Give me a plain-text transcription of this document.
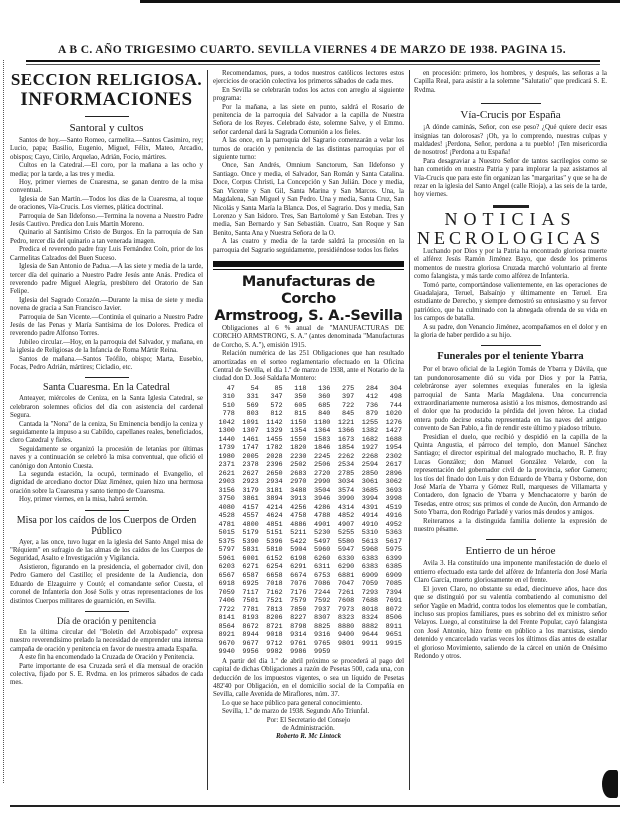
A B C. AÑO TRIGESIMO CUARTO. SEVILLA VIERNES 4 DE MARZO DE 1938. PAGINA 15.
SECCION RELIGIOSA.
INFORMACIONES
Santoral y cultos

Santos de hoy.—Santo Romeo, carmelita.—Santos Casimiro, rey; Lucio, papa; Basilio, Eugenio, Miguel, Félix, Mateo, Arcadio, obispos; Cayo, Cirilo, Arquelao, Adrián, Focio, mártires.

Cultos en la Catedral.—El coro, por la mañana a las ocho y media; por la tarde, a las tres y media.

Hoy, primer viernes de Cuaresma, se ganan dentro de la misa conventual.

Iglesia de San Martín.—Todos los días de la Cuaresma, al toque de oraciones, Vía-Crucis. Los viernes, plática doctrinal.

Parroquia de San Ildefonso.—Termina la novena a Nuestro Padre Jesús Cautivo. Predica don Luis Martín Moreno.

Quinario al Santísimo Cristo de Burgos. En la parroquia de San Pedro, tercer día del quinario a tan venerada imagen.

Predica el reverendo padre fray Luis Fernández Coín, prior de los Carmelitas Calzados del Buen Suceso.

Iglesia de San Antonio de Padua.—A las siete y media de la tarde, tercer día del quinario a Nuestro Padre Jesús ante Anás. Predica el reverendo padre Miguel Alegría, presbítero del Oratorio de San Felipe.

Iglesia del Sagrado Corazón.—Durante la misa de siete y media novena de gracia a San Francisco Javier.

Parroquia de San Vicente.—Continúa el quinario a Nuestro Padre Jesús de las Penas y María Santísima de los Dolores. Predica el reverendo padre Alfonso Torres.

Jubileo circular.—Hoy, en la parroquia del Salvador, y mañana, en la iglesia de Religiosas de la Infancia de Roma Mártir Reina.

Santos de mañana.—Santos Teófilo, obispo; Marta, Eusebio, Focas, Pedro Adrián, mártires; Cicladio, etc.

Santa Cuaresma. En la Catedral

Anteayer, miércoles de Ceniza, en la Santa Iglesia Catedral, se celebraron solemnes oficios del día con asistencia del cardenal Segura.

Cantada la "Nona" de la ceniza, Su Eminencia bendijo la ceniza y seguidamente la impuso a su Cabildo, capellanes reales, beneficiados, clero Catedral y fieles.

Seguidamente se organizó la procesión de letanías por últimas naves y a continuación se celebró la misa conventual, que ofició el canónigo don Antonio Cuesta.

La segunda estación, la ocupó, terminado el Evangelio, el dignidad de arcediano doctor Díaz Jiménez, quien hizo una hermosa oración sobre la Cuaresma y santo tiempo de Cuaresma.

Hoy, primer viernes, en la misa, habrá sermón.

Misa por los caídos de los Cuerpos de Orden Público

Ayer, a las once, tuvo lugar en la iglesia del Santo Angel misa de "Réquiem" en sufragio de las almas de los caídos de los Cuerpos de Seguridad, Asalto e Investigación y Vigilancia.

Asistieron, figurando en la presidencia, el gobernador civil, don Pedro Gamero del Castillo; el presidente de la Audiencia, don Eduardo de Elzaguirre y Coutó; el comandante señor Cuesta, el coronel de Infantería don José Solís y otras representaciones de los distintos Cuerpos militares de guarnición, en Sevilla.

Día de oración y penitencia

En la última circular del "Boletín del Arzobispado" expresa nuestro reverendísimo prelado la necesidad de emprender una intensa campaña de oración y penitencia en favor de nuestra amada España.

A este fin ha encomendado la Cruzada de Oración y Penitencia.

Parte importante de esa Cruzada será el día mensual de oración colectiva, fijado por S. E. Rvdma. en los primeros sábados de cada mes.

Recomendamos, pues, a todos nuestros católicos lectores estos ejercicios de oración colectiva los primeros sábados de cada mes.

En Sevilla se celebrarán todos los actos con arreglo al siguiente programa:

Por la mañana, a las siete en punto, saldrá el Rosario de penitencia de la parroquia del Salvador a la capilla de Nuestra Señora de los Reyes. Celebrado éste, solemne Salve, y el Emmo. señor cardenal dará la Sagrada Comunión a los fieles.

A las once, en la parroquia del Sagrario comenzarán a velar los turnos de oración y penitencia de las distintas parroquias por el siguiente turno:

Once, San Andrés, Omnium Sanctorum, San Ildefonso y Santiago. Once y media, el Salvador, San Román y Santa Catalina. Doce, Corpus Christi, La Concepción y San Julián. Doce y media, San Vicente y San Gil, Santa Marina y San Marcos. Una, la Magdalena, San Miguel y San Pedro. Una y media, Santa Cruz, San Nicolás y Santa María la Blanca. Dos, el Sagrario. Dos y media, San Lorenzo y San Isidoro. Tres, San Bartolomé y San Esteban. Tres y media, San Bernardo y San Sebastián. Cuatro, San Roque y San Benito, Santa Ana y Nuestra Señora de la O.

A las cuatro y media de la tarde saldrá la procesión en la parroquia del Sagrario seguidamente, presidiéndose todos los fieles

Manufacturas de Corcho
Armstroog, S. A.-Sevilla

Obligaciones al 6 % anual de "MANUFACTURAS DE CORCHO ARMSTRONG, S. A." (antes denominada "Manufacturas de Corcho, S. A."), emisión 1915.

Relación numérica de las 251 Obligaciones que han resultado amortizadas en el sorteo reglamentario efectuado en la Oficina Central de Sevilla, el día 1.º de marzo de 1938, ante el Notario de la ciudad don D. José Saldaña Montero:

47	54	85	118	136	275	284	304
310	331	347	350	360	397	412	498
510	569	572	605	685	722	736	744
778	803	812	815	840	845	879	1020
1042	1091	1142	1150	1180	1221	1255	1276
1300	1307	1329	1354	1364	1366	1382	1427
1440	1461	1455	1550	1583	1673	1682	1688
1739	1747	1782	1820	1846	1854	1927	1954
1980	2005	2028	2230	2245	2262	2268	2302
2371	2378	2396	2502	2506	2534	2594	2617
2621	2627	2650	2683	2720	2785	2850	2896
2903	2923	2934	2970	2990	3034	3061	3062
3156	3179	3181	3488	3504	3574	3685	3693
3750	3861	3894	3913	3946	3990	3994	3998
4080	4157	4214	4256	4286	4314	4391	4519
4528	4557	4624	4758	4788	4852	4914	4916
4781	4800	4851	4886	4901	4907	4910	4952
5015	5179	5151	5211	5230	5255	5310	5363
5375	5390	5396	5422	5497	5580	5613	5617
5797	5831	5810	5904	5960	5947	5968	5975
5961	6001	6152	6198	6260	6330	6383	6399
6203	6271	6254	6291	6311	6290	6383	6385
6567	6587	6658	6674	6753	6881	6909	6909
6918	6925	7018	7076	7086	7047	7059	7085
7059	7117	7162	7176	7244	7261	7293	7394
7406	7501	7521	7579	7592	7608	7688	7691
7722	7781	7813	7850	7937	7973	8018	8072
8141	8193	8206	8227	8307	8323	8324	8506
8564	8672	8721	8798	8825	8880	8882	8911
8921	8944	9018	9314	9316	9400	9644	9651
9670	9677	9712	9761	9765	9801	9911	9915
9940	9956	9982	9986	9959			

A partir del día 1.º de abril próximo se procederá al pago del capital de dichas Obligaciones a razón de Pesetas 500, cada una, con deducción de los impuestos vigentes, o sea un líquido de Pesetas 482'40 por Obligación, en el domicilio social de la Compañía en Sevilla, calle Avenida de Miraflores, núm. 37.

Lo que se hace público para general conocimiento.

Sevilla, 1.º de marzo de 1938. Segundo Año Triunfal.

Por: El Secretario del Consejo

de Administración.

Roberto R. Mc Lintock

en procesión: primero, los hombres, y después, las señoras a la Capilla Real, para asistir a la solemne "Salutatio" que predicará S. E. Rvdma.

Vía-Crucis por España

¡A dónde caminás, Señor, con ese peso? ¿Qué quiere decir esas insignias tan dolorosas? ¡Oh, ya lo comprendo, nuestras culpas y maldades! ¡Perdona, Señor, perdona a tu pueblo! ¡Ten misericordia de nosotros! ¡Perdona a tu España!

Para desagraviar a Nuestro Señor de tantos sacrilegios como se han cometido en nuestra Patria y para implorar la paz asistamos al Vía-Crucis que para este fin organizan las "margaritas" y que se ha de rezar en la iglesia del Santo Angel (calle Rioja), a las seis de la tarde, hoy viernes.

NOTICIAS
NECROLOGICAS

Luchando por Dios y por la Patria ha encontrado gloriosa muerte el alférez Jesús Ramón Jiménez Bayo, que desde los primeros momentos de nuestra gloriosa Cruzada marchó voluntario al frente como falangista, y más tarde como alférez de Infantería.

Tomó parte, comportándose valientemente, en las operaciones de Guadalajara, Teruel, Balsaínjo y últimamente en Teruel. Era estudiante de Derecho, y siempre demostró su entusiasmo y su fervor patriótico, que ha culminado con la abnegada ofrenda de su vida en los campos de batalla.

A su padre, don Venancio Jiménez, acompañamos en el dolor y en la gloria de haber perdido a su hijo.

Funerales por el teniente Ybarra

Por el bravo oficial de la Legión Tomás de Ybarra y Dávila, que tan pundonorosamente dió su vida por Dios y por la Patria, celebráronse ayer solemnes exequias funerales en la iglesia parroquial de Santa María Magdalena. Una concurrencia extraordinariamente numerosa asistió a los mismos, demostrando así el dolor que ha producido la pérdida del joven héroe. La ciudad entera pudo decirse estaba representada en las naves del antiguo convento de San Pablo, a fin de rendir este último y piadoso tributo.

Presidían el duelo, que recibió y despidió en la capilla de la Quinta Angustia, el párroco del templo, don Manuel Sánchez Santiago; el director espiritual del malogrado muchacho, R. P. fray Lucas González; don Manuel González Velarde, con la representación del gobernador civil de la provincia, señor Gamero; los tíos del finado don Luis y don Eduardo de Ybarra y Osborne, don José María de Ybarra y Gómez Rull, marqueses de Villamarta y Contadero, don Ignacio de Ybarra y Menchacatorre y barón de Tesedas, entre otros; sus primos el conde de Aucón, don Armando de Soto Ybarra, don Rodrigo Parladé y varios más deudos y amigos.

Reiteramos a la distinguida familia doliente la expresión de nuestro pésame.

Entierro de un héroe

Avila 3. Ha constituído una imponente manifestación de duelo el entierro efectuado esta tarde del alférez de Infantería don José María Claro García, muerto gloriosamente en el frente.

El joven Claro, no obstante su edad, diecinueve años, hace dos que se distinguió por su valentía combatiendo al comunismo del señor Yagüe en Madrid, contra todos los elementos que le combatían, incluso sus propios familiares, pues es sobrino del ex ministro señor Velayos. Luego, al constituirse la del Frente Popular, cayó falangista con José Antonio, hizo frente en público a los marxistas, siendo detenido y encarcelado varias veces los últimos días antes de estallar el glorioso Movimiento, saliendo de la cárcel en unión de Onésimo Redondo y otros.
